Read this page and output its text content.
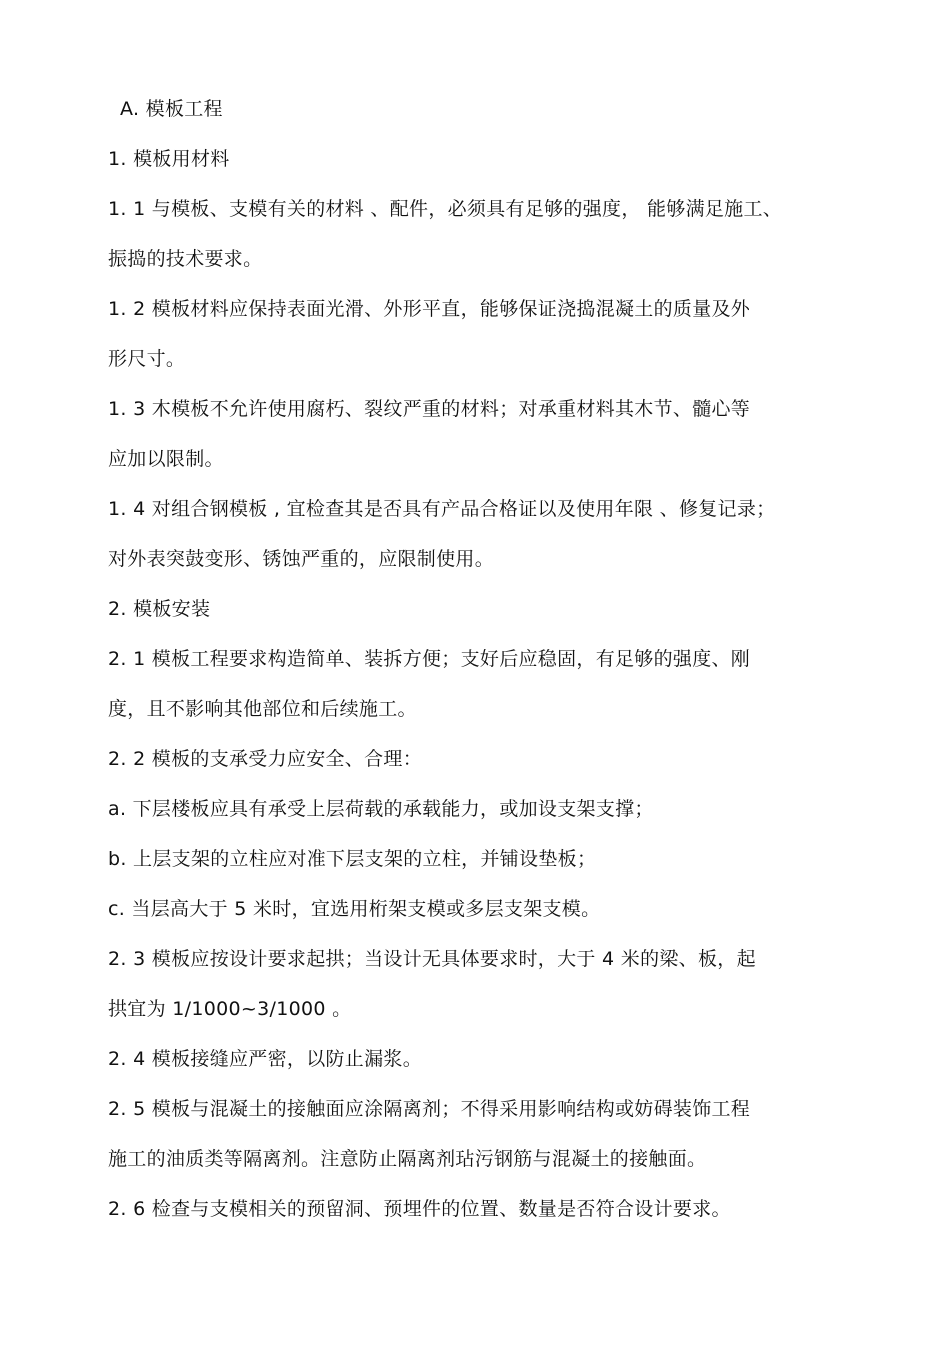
A. 模板工程
1. 模板用材料
1. 1 与模板、支模有关的材料 、配件，必须具有足够的强度， 能够满足施工、
振捣的技术要求。
1. 2 模板材料应保持表面光滑、外形平直，能够保证浇捣混凝土的质量及外
形尺寸。
1. 3 木模板不允许使用腐朽、裂纹严重的材料；对承重材料其木节、髓心等
应加以限制。
1. 4 对组合钢模板 , 宜检查其是否具有产品合格证以及使用年限 、修复记录；
对外表突鼓变形、锈蚀严重的，应限制使用。
2. 模板安装
2. 1 模板工程要求构造简单、装拆方便；支好后应稳固，有足够的强度、刚
度，且不影响其他部位和后续施工。
2. 2 模板的支承受力应安全、合理：
a. 下层楼板应具有承受上层荷载的承载能力，或加设支架支撑；
b. 上层支架的立柱应对准下层支架的立柱，并铺设垫板；
c. 当层高大于 5 米时，宜选用桁架支模或多层支架支模。
2. 3 模板应按设计要求起拱；当设计无具体要求时，大于 4 米的梁、板，起
拱宜为 1/1000~3/1000 。
2. 4 模板接缝应严密，以防止漏浆。
2. 5 模板与混凝土的接触面应涂隔离剂；不得采用影响结构或妨碍装饰工程
施工的油质类等隔离剂。注意防止隔离剂玷污钢筋与混凝土的接触面。
2. 6 检查与支模相关的预留洞、预埋件的位置、数量是否符合设计要求。
